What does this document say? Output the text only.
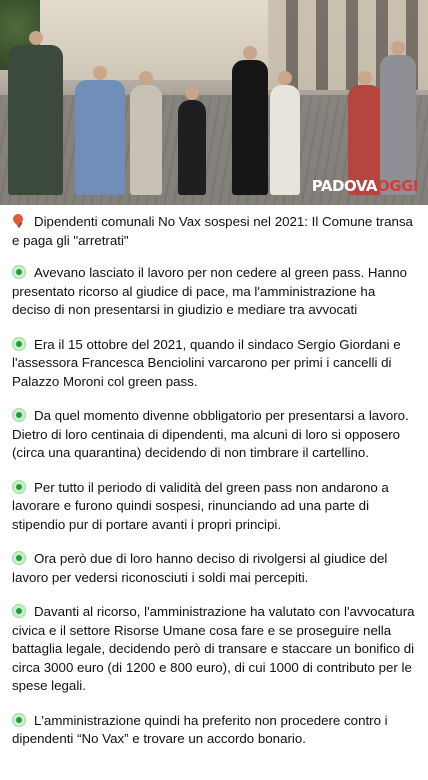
PADOVAOGGI

Dipendenti comunali No Vax sospesi nel 2021: Il Comune transa e paga gli "arretrati"

Avevano lasciato il lavoro per non cedere al green pass. Hanno presentato ricorso al giudice di pace, ma l'amministrazione ha deciso di non presentarsi in giudizio e mediare tra avvocati

Era il 15 ottobre del 2021, quando il sindaco Sergio Giordani e l'assessora Francesca Benciolini varcarono per primi i cancelli di Palazzo Moroni col green pass.

Da quel momento divenne obbligatorio per presentarsi a lavoro. Dietro di loro centinaia di dipendenti, ma alcuni di loro si opposero (circa una quarantina) decidendo di non timbrare il cartellino.

Per tutto il periodo di validità del green pass non andarono a lavorare e furono quindi sospesi, rinunciando ad una parte di stipendio pur di portare avanti i propri principi.

Ora però due di loro hanno deciso di rivolgersi al giudice del lavoro per vedersi riconosciuti i soldi mai percepiti.

Davanti al ricorso, l'amministrazione ha valutato con l'avvocatura civica e il settore Risorse Umane cosa fare e se proseguire nella battaglia legale, decidendo però di transare e staccare un bonifico di circa 3000 euro (di 1200 e 800 euro), di cui 1000 di contributo per le spese legali.

L'amministrazione quindi ha preferito non procedere contro i dipendenti “No Vax” e trovare un accordo bonario.
